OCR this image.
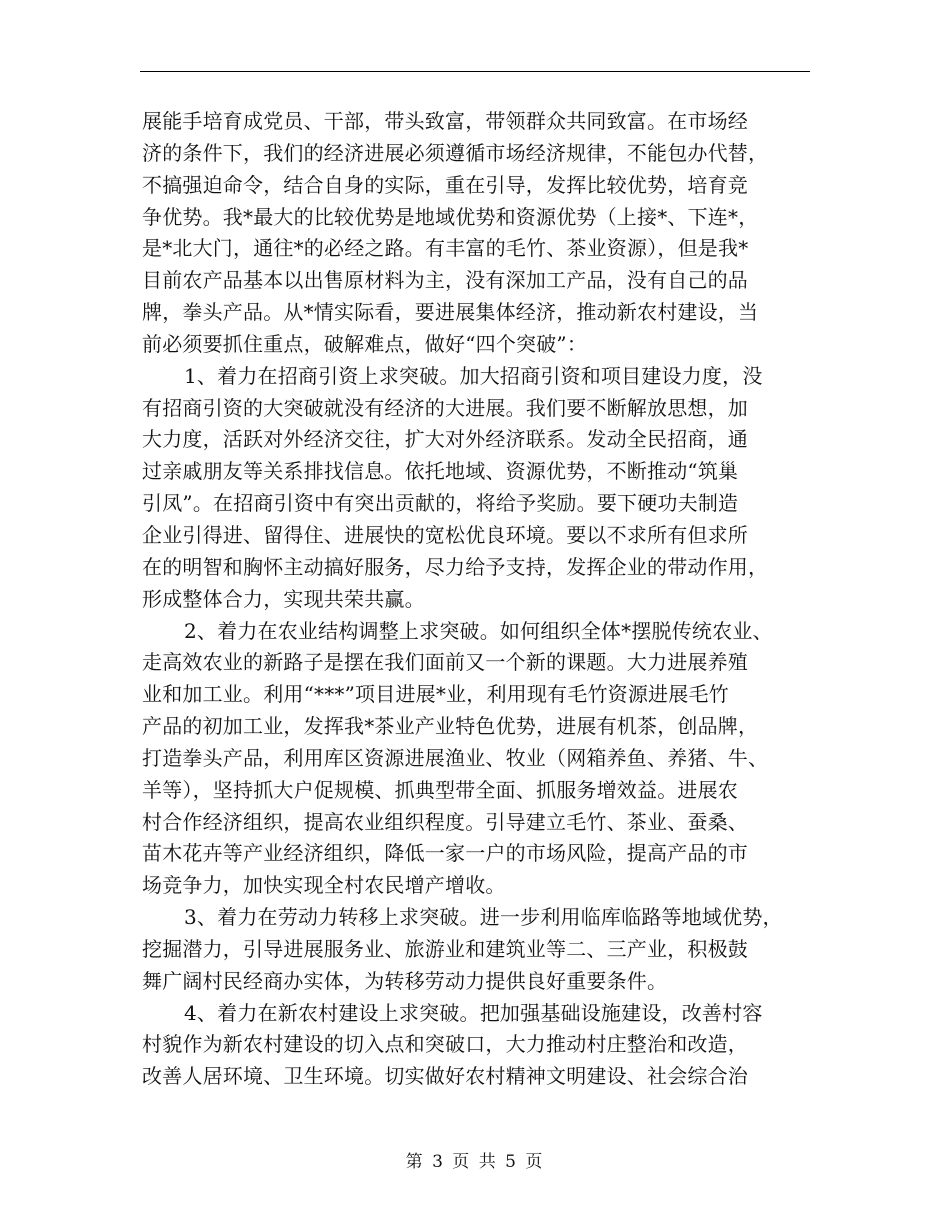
展能手培育成党员、干部，带头致富，带领群众共同致富。在市场经
济的条件下，我们的经济进展必须遵循市场经济规律，不能包办代替，
不搞强迫命令，结合自身的实际，重在引导，发挥比较优势，培育竞
争优势。我*最大的比较优势是地域优势和资源优势（上接*、下连*，
是*北大门，通往*的必经之路。有丰富的毛竹、茶业资源），但是我*
目前农产品基本以出售原材料为主，没有深加工产品，没有自己的品
牌，拳头产品。从*情实际看，要进展集体经济，推动新农村建设，当
前必须要抓住重点，破解难点，做好“四个突破”：
1、着力在招商引资上求突破。加大招商引资和项目建设力度，没
有招商引资的大突破就没有经济的大进展。我们要不断解放思想，加
大力度，活跃对外经济交往，扩大对外经济联系。发动全民招商，通
过亲戚朋友等关系排找信息。依托地域、资源优势，不断推动“筑巢
引凤”。在招商引资中有突出贡献的，将给予奖励。要下硬功夫制造
企业引得进、留得住、进展快的宽松优良环境。要以不求所有但求所
在的明智和胸怀主动搞好服务，尽力给予支持，发挥企业的带动作用，
形成整体合力，实现共荣共赢。
2、着力在农业结构调整上求突破。如何组织全体*摆脱传统农业、
走高效农业的新路子是摆在我们面前又一个新的课题。大力进展养殖
业和加工业。利用“***”项目进展*业，利用现有毛竹资源进展毛竹
产品的初加工业，发挥我*茶业产业特色优势，进展有机茶，创品牌，
打造拳头产品，利用库区资源进展渔业、牧业（网箱养鱼、养猪、牛、
羊等），坚持抓大户促规模、抓典型带全面、抓服务增效益。进展农
村合作经济组织，提高农业组织程度。引导建立毛竹、茶业、蚕桑、
苗木花卉等产业经济组织，降低一家一户的市场风险，提高产品的市
场竞争力，加快实现全村农民增产增收。
3、着力在劳动力转移上求突破。进一步利用临库临路等地域优势，
挖掘潜力，引导进展服务业、旅游业和建筑业等二、三产业，积极鼓
舞广阔村民经商办实体，为转移劳动力提供良好重要条件。
4、着力在新农村建设上求突破。把加强基础设施建设，改善村容
村貌作为新农村建设的切入点和突破口，大力推动村庄整治和改造，
改善人居环境、卫生环境。切实做好农村精神文明建设、社会综合治
第 3 页 共 5 页
